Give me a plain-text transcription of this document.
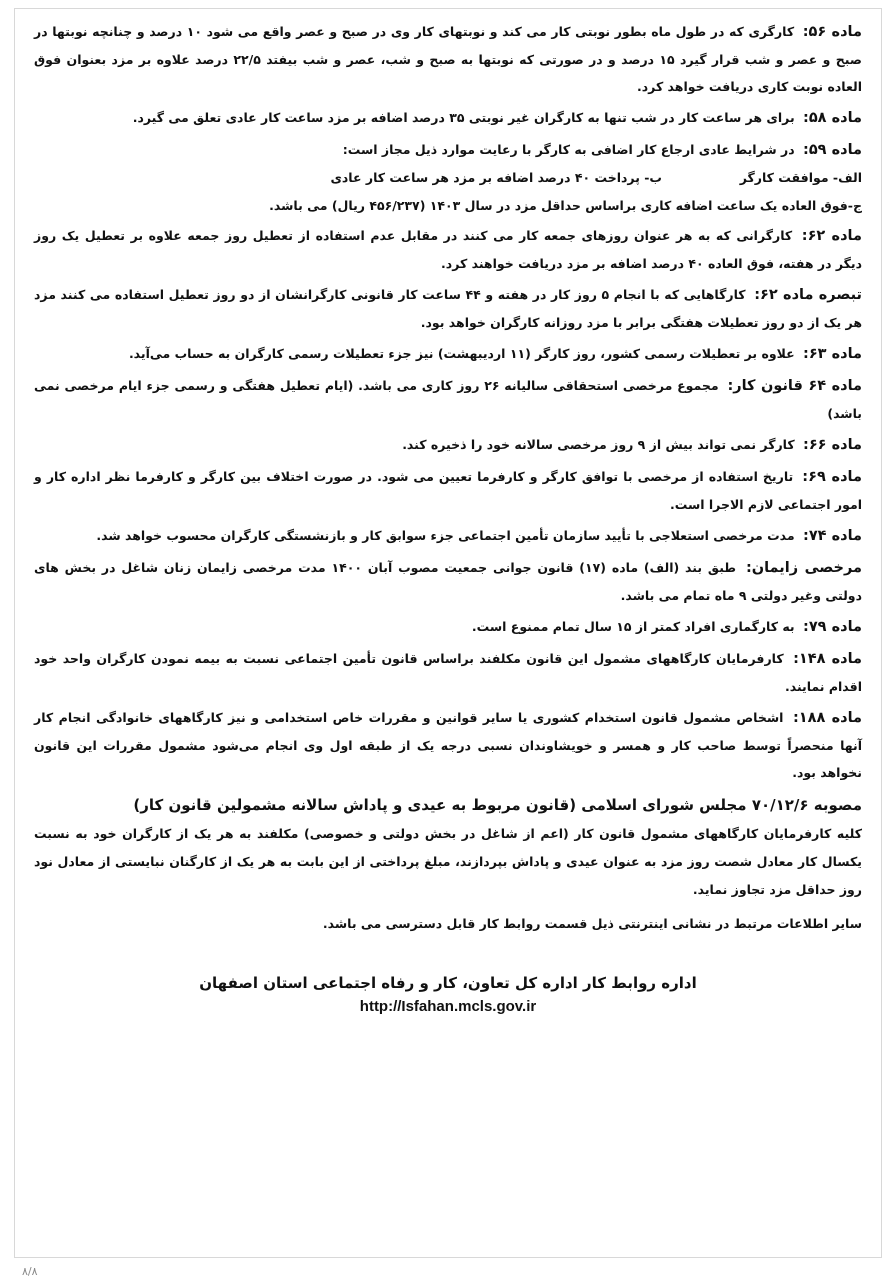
ماده ۵۶: کارگری که در طول ماه بطور نوبتی کار می کند و نوبتهای کار وی در صبح و عصر واقع می شود ۱۰ درصد و چنانچه نوبتها در صبح و عصر و شب قرار گیرد ۱۵ درصد و در صورتی که نوبتها به صبح و شب، عصر و شب بیفتد ۲۲/۵ درصد علاوه بر مزد بعنوان فوق العاده نوبت کاری دریافت خواهد کرد.

ماده ۵۸: برای هر ساعت کار در شب تنها به کارگران غیر نوبتی ۳۵ درصد اضافه بر مزد ساعت کار عادی تعلق می گیرد.

ماده ۵۹: در شرایط عادی ارجاع کار اضافی به کارگر با رعایت موارد ذیل مجاز است:

الف- موافقت کارگر
ب- پرداخت ۴۰ درصد اضافه بر مزد هر ساعت کار عادی

ج-فوق العاده یک ساعت اضافه کاری براساس حداقل مزد در سال ۱۴۰۳ (۴۵۶/۲۳۷ ریال) می باشد.

ماده ۶۲: کارگرانی که به هر عنوان روزهای جمعه کار می کنند در مقابل عدم استفاده از تعطیل روز جمعه علاوه بر تعطیل یک روز دیگر در هفته، فوق العاده ۴۰ درصد اضافه بر مزد دریافت خواهند کرد.

تبصره ماده ۶۲: کارگاهایی که با انجام ۵ روز کار در هفته و ۴۴ ساعت کار قانونی کارگرانشان از دو روز تعطیل استفاده می کنند مزد هر یک از دو روز تعطیلات هفتگی برابر با مزد روزانه کارگران خواهد بود.

ماده ۶۳: علاوه بر تعطیلات رسمی کشور، روز کارگر (۱۱ اردیبهشت) نیز جزء تعطیلات رسمی کارگران به حساب می‌آید.

ماده ۶۴ قانون کار: مجموع مرخصی استحقاقی سالیانه ۲۶ روز کاری می باشد. (ایام تعطیل هفتگی و رسمی جزء ایام مرخصی نمی باشد)

ماده ۶۶: کارگر نمی تواند بیش از ۹ روز مرخصی سالانه خود را ذخیره کند.

ماده ۶۹: تاریخ استفاده از مرخصی با توافق کارگر و کارفرما تعیین می شود. در صورت اختلاف بین کارگر و کارفرما نظر اداره کار و امور اجتماعی لازم الاجرا است.

ماده ۷۴: مدت مرخصی استعلاجی با تأیید سازمان تأمین اجتماعی جزء سوابق کار و بازنشستگی کارگران محسوب خواهد شد.

مرخصی زایمان: طبق بند (الف) ماده (۱۷) قانون جوانی جمعیت مصوب آبان ۱۴۰۰ مدت مرخصی زایمان زنان شاغل در بخش های دولتی وغیر دولتی ۹ ماه تمام می باشد.

ماده ۷۹: به کارگماری افراد کمتر از ۱۵ سال تمام ممنوع است.

ماده ۱۴۸: کارفرمایان کارگاههای مشمول این قانون مکلفند براساس قانون تأمین اجتماعی نسبت به بیمه نمودن کارگران واحد خود اقدام نمایند.

ماده ۱۸۸: اشخاص مشمول قانون استخدام کشوری یا سایر قوانین و مقررات خاص استخدامی و نیز کارگاههای خانوادگی انجام کار آنها منحصراً توسط صاحب کار و همسر و خویشاوندان نسبی درجه یک از طبقه اول وی انجام می‌شود مشمول مقررات این قانون نخواهد بود.

مصوبه ۷۰/۱۲/۶ مجلس شورای اسلامی (قانون مربوط به عیدی و پاداش سالانه مشمولین قانون کار)

کلیه کارفرمایان کارگاههای مشمول قانون کار (اعم از شاغل در بخش دولتی و خصوصی) مکلفند به هر یک از کارگران خود به نسبت یکسال کار معادل شصت روز مزد به عنوان عیدی و پاداش بپردازند، مبلغ پرداختی از این بابت به هر یک از کارگنان نبایستی از معادل نود روز حداقل مزد تجاوز نماید.

سایر اطلاعات مرتبط در نشانی اینترنتی ذیل قسمت روابط کار قابل دسترسی می باشد.

اداره روابط کار اداره کل تعاون، کار و رفاه اجتماعی استان اصفهان

http://Isfahan.mcls.gov.ir

۸/۸
